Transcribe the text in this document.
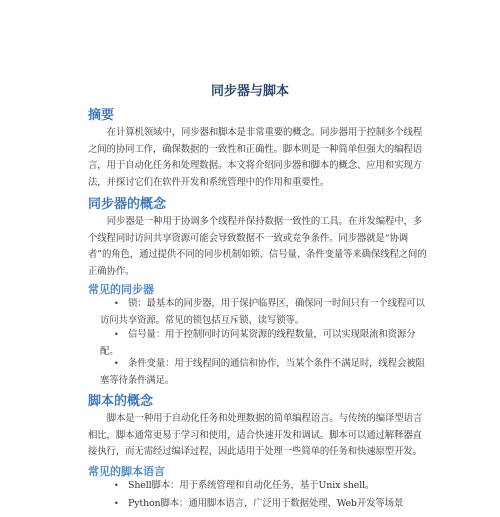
同步器与脚本
摘要

在计算机领域中，同步器和脚本是非常重要的概念。同步器用于控制多个线程之间的协同工作，确保数据的一致性和正确性。脚本则是一种简单但强大的编程语言，用于自动化任务和处理数据。本文将介绍同步器和脚本的概念、应用和实现方法，并探讨它们在软件开发和系统管理中的作用和重要性。

同步器的概念

同步器是一种用于协调多个线程并保持数据一致性的工具。在并发编程中，多个线程同时访问共享资源可能会导致数据不一致或竞争条件。同步器就是“协调者”的角色，通过提供不同的同步机制如锁、信号量、条件变量等来确保线程之间的正确协作。

常见的同步器
• 锁：最基本的同步器，用于保护临界区，确保同一时间只有一个线程可以访问共享资源。常见的锁包括互斥锁、读写锁等。
• 信号量：用于控制同时访问某资源的线程数量，可以实现限流和资源分配。
• 条件变量：用于线程间的通信和协作，当某个条件不满足时，线程会被阻塞等待条件满足。
脚本的概念

脚本是一种用于自动化任务和处理数据的简单编程语言。与传统的编译型语言相比，脚本通常更易于学习和使用，适合快速开发和调试。脚本可以通过解释器直接执行，而无需经过编译过程，因此适用于处理一些简单的任务和快速原型开发。

常见的脚本语言
• Shell脚本：用于系统管理和自动化任务，基于Unix shell。
• Python脚本：通用脚本语言，广泛用于数据处理、Web开发等场景
